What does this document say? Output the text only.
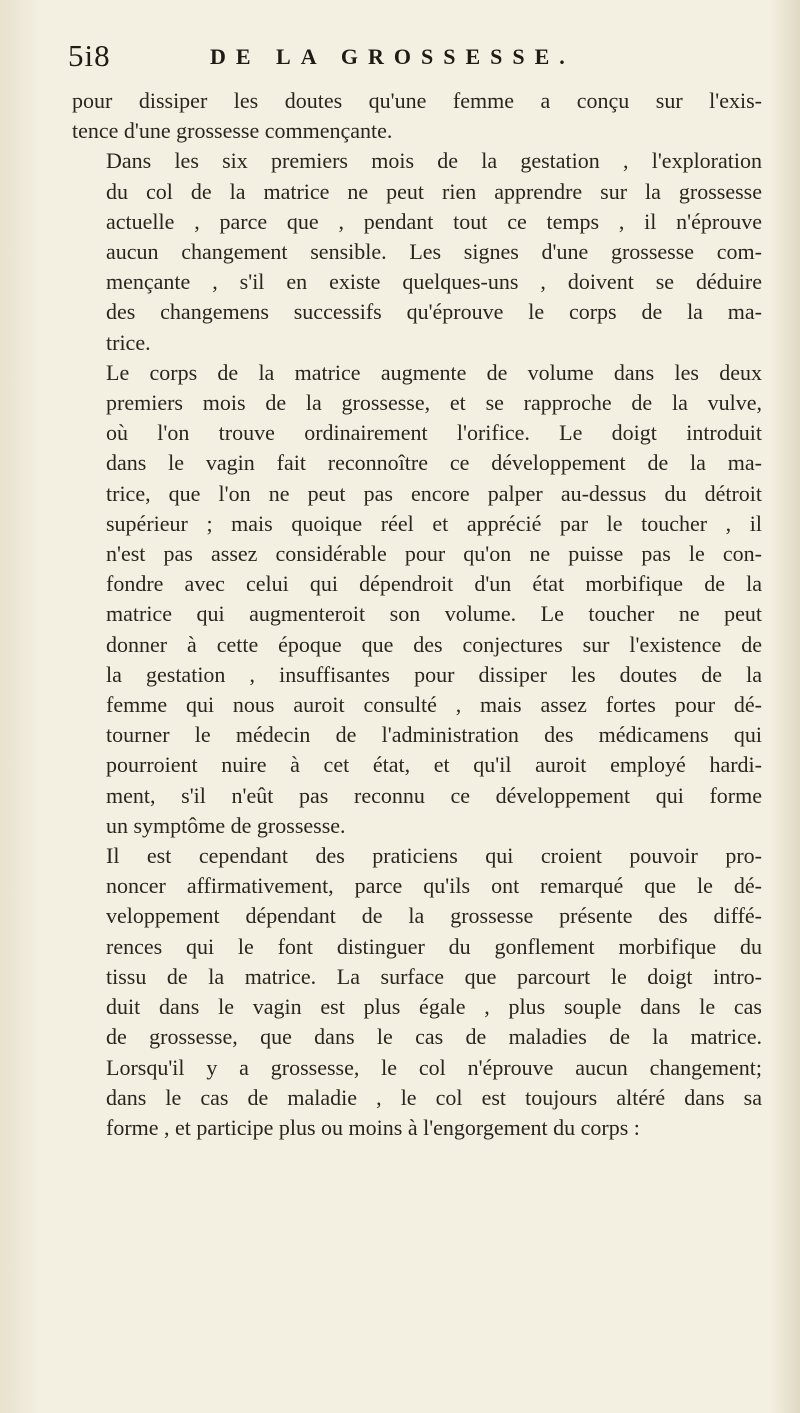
5i8	DE LA GROSSESSE.

pour dissiper les doutes qu'une femme a conçu sur l'exis-
tence d'une grossesse commençante.

Dans les six premiers mois de la gestation , l'exploration
du col de la matrice ne peut rien apprendre sur la grossesse
actuelle , parce que , pendant tout ce temps , il n'éprouve
aucun changement sensible. Les signes d'une grossesse com-
mençante , s'il en existe quelques-uns , doivent se déduire
des changemens successifs qu'éprouve le corps de la ma-
trice.

Le corps de la matrice augmente de volume dans les deux
premiers mois de la grossesse, et se rapproche de la vulve,
où l'on trouve ordinairement l'orifice. Le doigt introduit
dans le vagin fait reconnoître ce développement de la ma-
trice, que l'on ne peut pas encore palper au-dessus du détroit
supérieur ; mais quoique réel et apprécié par le toucher , il
n'est pas assez considérable pour qu'on ne puisse pas le con-
fondre avec celui qui dépendroit d'un état morbifique de la
matrice qui augmenteroit son volume. Le toucher ne peut
donner à cette époque que des conjectures sur l'existence de
la gestation , insuffisantes pour dissiper les doutes de la
femme qui nous auroit consulté , mais assez fortes pour dé-
tourner le médecin de l'administration des médicamens qui
pourroient nuire à cet état, et qu'il auroit employé hardi-
ment, s'il n'eût pas reconnu ce développement qui forme
un symptôme de grossesse.

Il est cependant des praticiens qui croient pouvoir pro-
noncer affirmativement, parce qu'ils ont remarqué que le dé-
veloppement dépendant de la grossesse présente des diffé-
rences qui le font distinguer du gonflement morbifique du
tissu de la matrice. La surface que parcourt le doigt intro-
duit dans le vagin est plus égale , plus souple dans le cas
de grossesse, que dans le cas de maladies de la matrice.
Lorsqu'il y a grossesse, le col n'éprouve aucun changement;
dans le cas de maladie , le col est toujours altéré dans sa
forme , et participe plus ou moins à l'engorgement du corps :
